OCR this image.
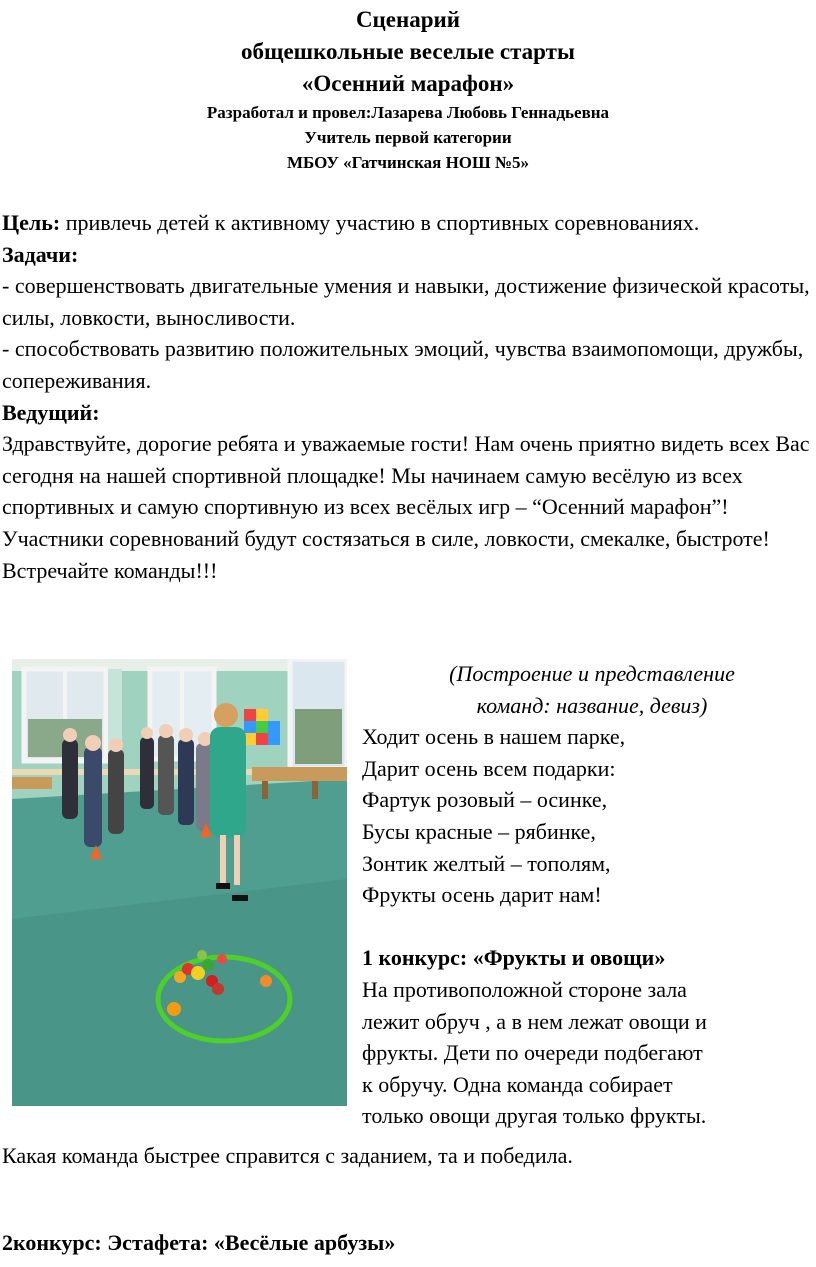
Сценарий
общешкольные веселые старты
«Осенний марафон»
Разработал и провел:Лазарева Любовь Геннадьевна
Учитель первой категории
МБОУ «Гатчинская НОШ №5»

Цель: привлечь детей к активному участию в спортивных соревнованиях.

Задачи:

- совершенствовать двигательные умения и навыки, достижение физической красоты, силы, ловкости, выносливости.

- способствовать развитию положительных эмоций, чувства взаимопомощи, дружбы, сопереживания.

Ведущий:

Здравствуйте, дорогие ребята и уважаемые гости! Нам очень приятно видеть всех Вас сегодня на нашей спортивной площадке! Мы начинаем самую весёлую из всех спортивных и самую спортивную из всех весёлых игр – “Осенний марафон”! Участники соревнований будут состязаться в силе, ловкости, смекалке, быстроте! Встречайте команды!!!

(Построение и представление

команд: название, девиз)

Ходит осень в нашем парке,

Дарит осень всем подарки:

Фартук розовый – осинке,

Бусы красные – рябинке,

Зонтик желтый – тополям,

Фрукты осень дарит нам!

1 конкурс: «Фрукты и овощи»

На противоположной стороне зала

лежит обруч , а в нем лежат овощи и

фрукты. Дети по очереди подбегают

к обручу. Одна команда собирает

только овощи другая только фрукты.

Какая команда быстрее справится с заданием, та и победила.
2конкурс: Эстафета: «Весёлые арбузы»
